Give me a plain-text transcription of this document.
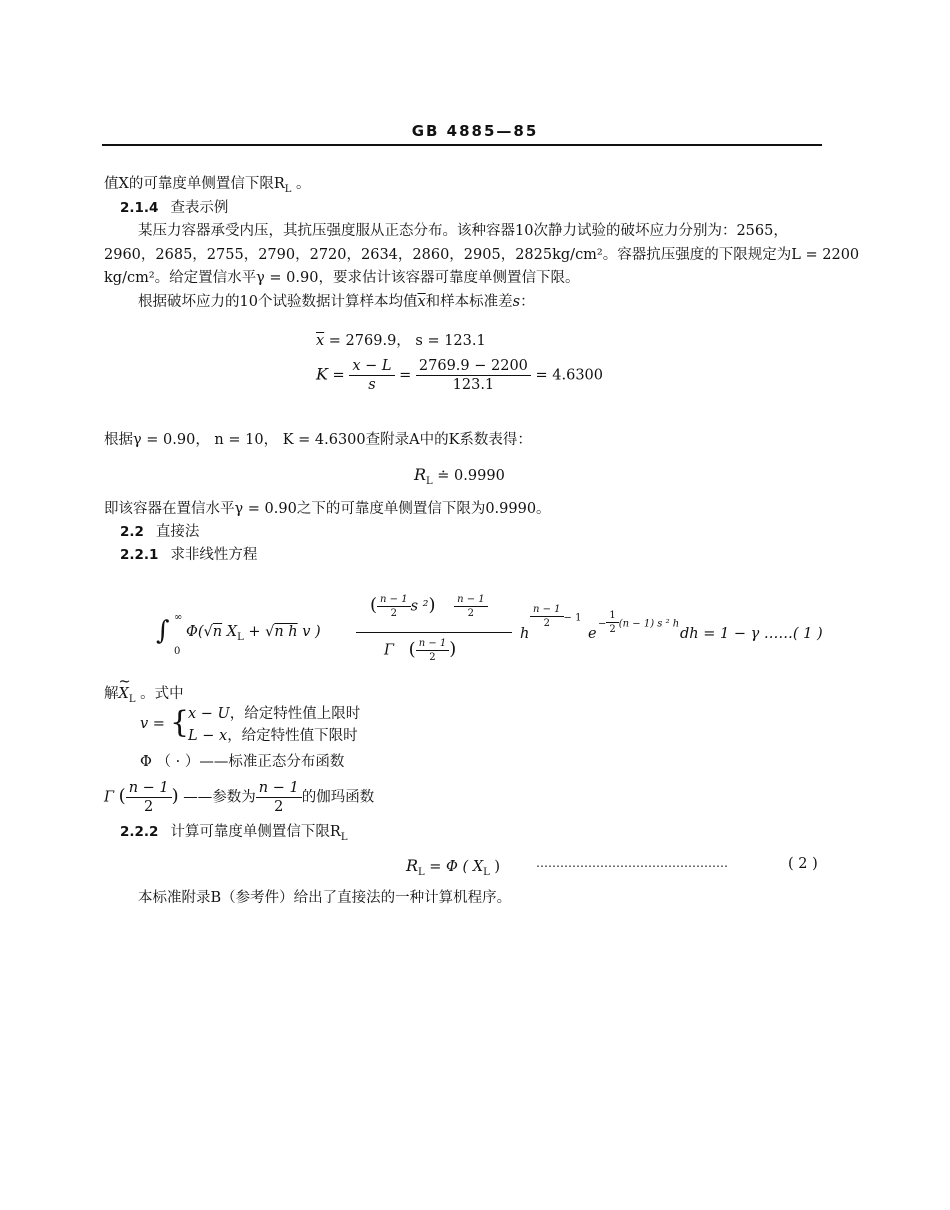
GB 4885—85
值X的可靠度单侧置信下限$R_L$ 。
2.1.4 查表示例
某压力容器承受内压，其抗压强度服从正态分布。该种容器10次静力试验的破坏应力分别为：2565，
2960，2685，2755，2790，2720，2634，2860，2905，2825kg/cm²。容器抗压强度的下限规定为L = 2200
kg/cm²。给定置信水平γ = 0.90，要求估计该容器可靠度单侧置信下限。
根据破坏应力的10个试验数据计算样本均值$\overline{x}$和样本标准差s：
$\overline{x} = 2769.9$， s = 123.1
$K = \frac{x - L}{s} = \frac{2769.9 - 2200}{123.1} = 4.6300$
根据γ = 0.90， n = 10， K = 4.6300查附录A中的K系数表得：
$R_L$ ≐ 0.9990
即该容器在置信水平γ = 0.90之下的可靠度单侧置信下限为0.9990。
2.2 直接法
2.2.1 求非线性方程
∫ ∞
0
Φ(√n $X_L + √n$ h v )
( $\frac{n - 1}{2}$ s $^2) \frac{n - 1}{2}$
Γ ( $\frac{n - 1}{2}$ )
h
$\frac{n - 1}{2} - 1$
e
− $\frac{1}{2} (n - 1)$ s ² h
dh = 1 − γ ……( 1 )
解
~
$X_L$ 。式中
v = {
x − U，给定特性值上限时
L − x，给定特性值下限时
Φ （ · ）——标准正态分布函数
Γ ( $\frac{n - 1}{2}$ ) ——参数为 $\frac{n - 1}{2}$ 的伽玛函数
2.2.2 计算可靠度单侧置信下限$R_L$
$R_L = \Phi$ ( $X_L$ )	…………………………………………	( 2 )
本标准附录B（参考件）给出了直接法的一种计算机程序。
